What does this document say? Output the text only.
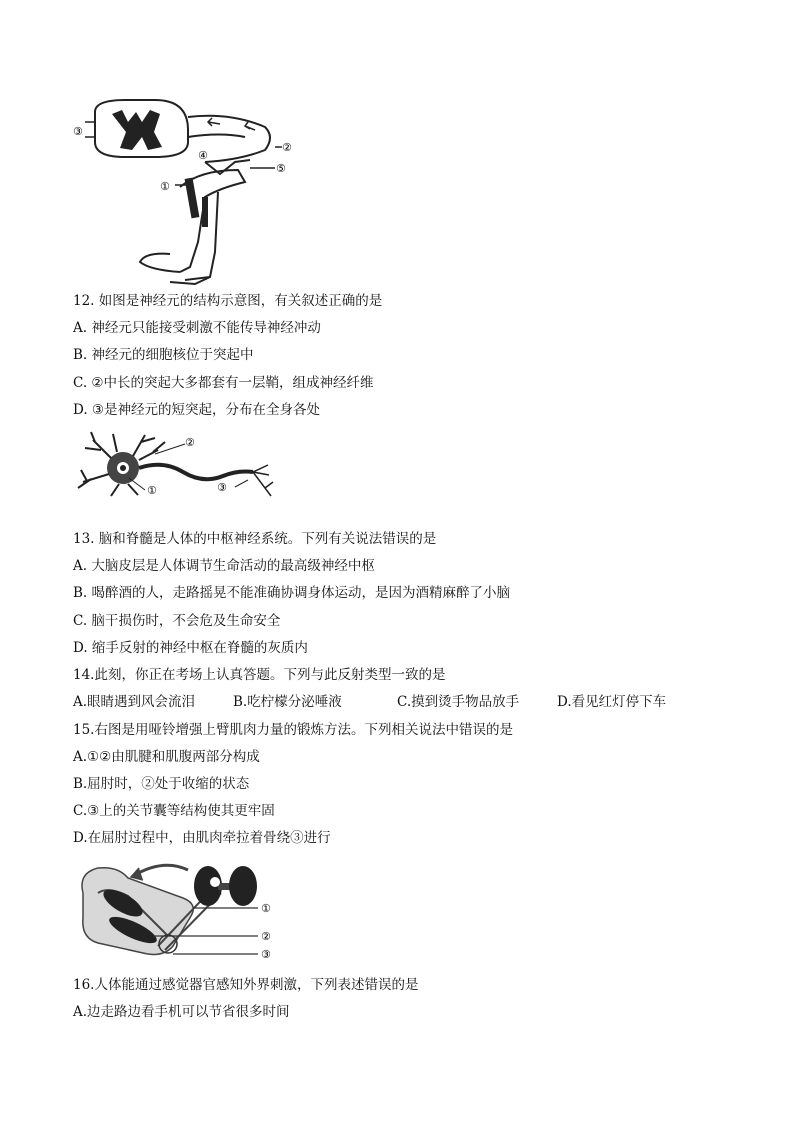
③
②
④
⑤
①
12. 如图是神经元的结构示意图，有关叙述正确的是
A. 神经元只能接受刺激不能传导神经冲动
B. 神经元的细胞核位于突起中
C. ②中长的突起大多都套有一层鞘，组成神经纤维
D. ③是神经元的短突起，分布在全身各处
②
①	③
13. 脑和脊髓是人体的中枢神经系统。下列有关说法错误的是
A. 大脑皮层是人体调节生命活动的最高级神经中枢
B. 喝醉酒的人，走路摇晃不能准确协调身体运动，是因为酒精麻醉了小脑
C. 脑干损伤时，不会危及生命安全
D. 缩手反射的神经中枢在脊髓的灰质内
14.此刻，你正在考场上认真答题。下列与此反射类型一致的是
A.眼睛遇到风会流泪	B.吃柠檬分泌唾液	C.摸到烫手物品放手	D.看见红灯停下车
15.右图是用哑铃增强上臂肌肉力量的锻炼方法。下列相关说法中错误的是
A.①②由肌腱和肌腹两部分构成
B.屈肘时，②处于收缩的状态
C.③上的关节囊等结构使其更牢固
D.在屈肘过程中，由肌肉牵拉着骨绕③进行
①
②
③
16.人体能通过感觉器官感知外界刺激，下列表述错误的是
A.边走路边看手机可以节省很多时间
